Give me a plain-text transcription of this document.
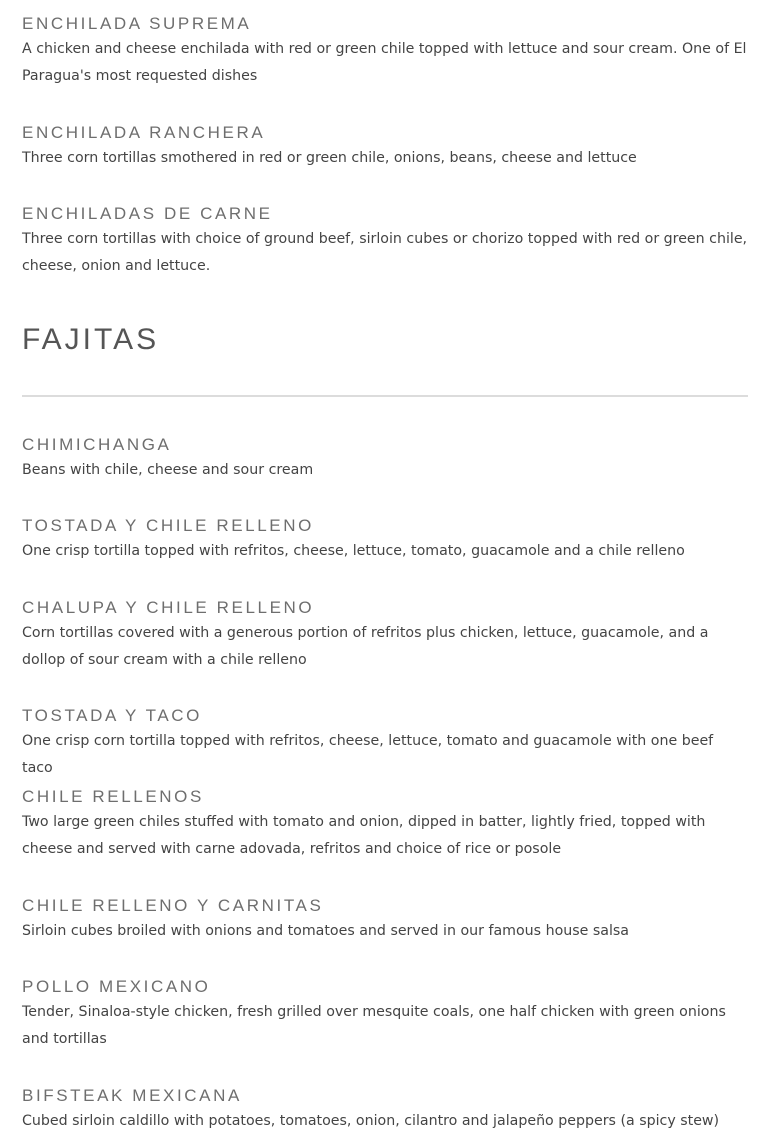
ENCHILADA SUPREMA

A chicken and cheese enchilada with red or green chile topped with lettuce and sour cream. One of El Paragua's most requested dishes

ENCHILADA RANCHERA

Three corn tortillas smothered in red or green chile, onions, beans, cheese and lettuce

ENCHILADAS DE CARNE

Three corn tortillas with choice of ground beef, sirloin cubes or chorizo topped with red or green chile, cheese, onion and lettuce.

FAJITAS
CHIMICHANGA

Beans with chile, cheese and sour cream

TOSTADA Y CHILE RELLENO

One crisp tortilla topped with refritos, cheese, lettuce, tomato, guacamole and a chile relleno

CHALUPA Y CHILE RELLENO

Corn tortillas covered with a generous portion of refritos plus chicken, lettuce, guacamole, and a dollop of sour cream with a chile relleno

TOSTADA Y TACO

One crisp corn tortilla topped with refritos, cheese, lettuce, tomato and guacamole with one beef taco

CHILE RELLENOS

Two large green chiles stuffed with tomato and onion, dipped in batter, lightly fried, topped with cheese and served with carne adovada, refritos and choice of rice or posole

CHILE RELLENO Y CARNITAS

Sirloin cubes broiled with onions and tomatoes and served in our famous house salsa

POLLO MEXICANO

Tender, Sinaloa-style chicken, fresh grilled over mesquite coals, one half chicken with green onions and tortillas

BIFSTEAK MEXICANA

Cubed sirloin caldillo with potatoes, tomatoes, onion, cilantro and jalapeño peppers (a spicy stew)
